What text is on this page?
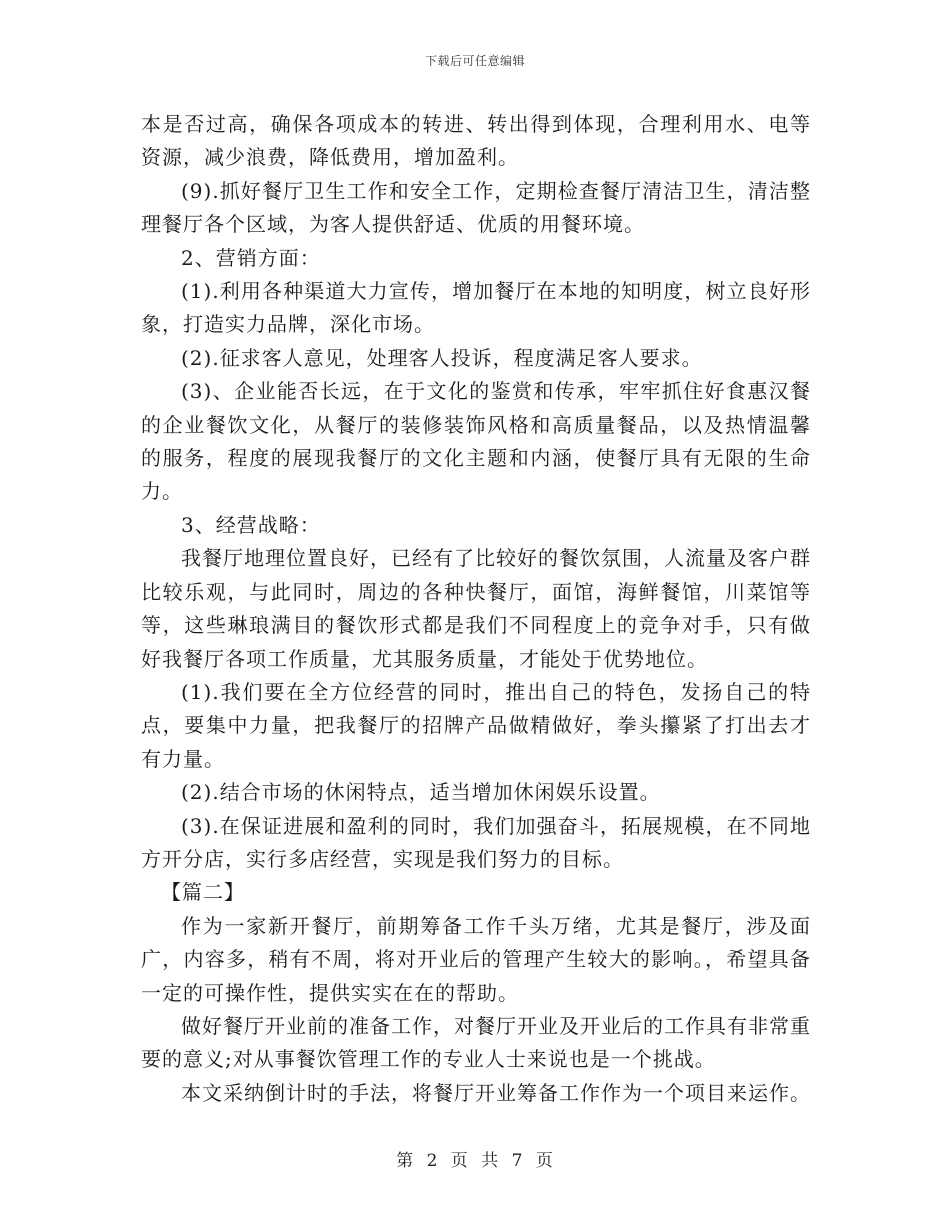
下载后可任意编辑

本是否过高，确保各项成本的转进、转出得到体现，合理利用水、电等资源，减少浪费，降低费用，增加盈利。

(9).抓好餐厅卫生工作和安全工作，定期检查餐厅清洁卫生，清洁整理餐厅各个区域，为客人提供舒适、优质的用餐环境。

2、营销方面：

(1).利用各种渠道大力宣传，增加餐厅在本地的知明度，树立良好形象，打造实力品牌，深化市场。

(2).征求客人意见，处理客人投诉，程度满足客人要求。

(3)、企业能否长远，在于文化的鉴赏和传承，牢牢抓住好食惠汉餐的企业餐饮文化，从餐厅的装修装饰风格和高质量餐品，以及热情温馨的服务，程度的展现我餐厅的文化主题和内涵，使餐厅具有无限的生命力。

3、经营战略：

我餐厅地理位置良好，已经有了比较好的餐饮氛围，人流量及客户群比较乐观，与此同时，周边的各种快餐厅，面馆，海鲜餐馆，川菜馆等等，这些琳琅满目的餐饮形式都是我们不同程度上的竞争对手，只有做好我餐厅各项工作质量，尤其服务质量，才能处于优势地位。

(1).我们要在全方位经营的同时，推出自己的特色，发扬自己的特点，要集中力量，把我餐厅的招牌产品做精做好，拳头攥紧了打出去才有力量。

(2).结合市场的休闲特点，适当增加休闲娱乐设置。

(3).在保证进展和盈利的同时，我们加强奋斗，拓展规模，在不同地方开分店，实行多店经营，实现是我们努力的目标。

【篇二】

作为一家新开餐厅，前期筹备工作千头万绪，尤其是餐厅，涉及面广，内容多，稍有不周，将对开业后的管理产生较大的影响。，希望具备一定的可操作性，提供实实在在的帮助。

做好餐厅开业前的准备工作，对餐厅开业及开业后的工作具有非常重要的意义;对从事餐饮管理工作的专业人士来说也是一个挑战。

本文采纳倒计时的手法，将餐厅开业筹备工作作为一个项目来运作。

第 2 页 共 7 页
